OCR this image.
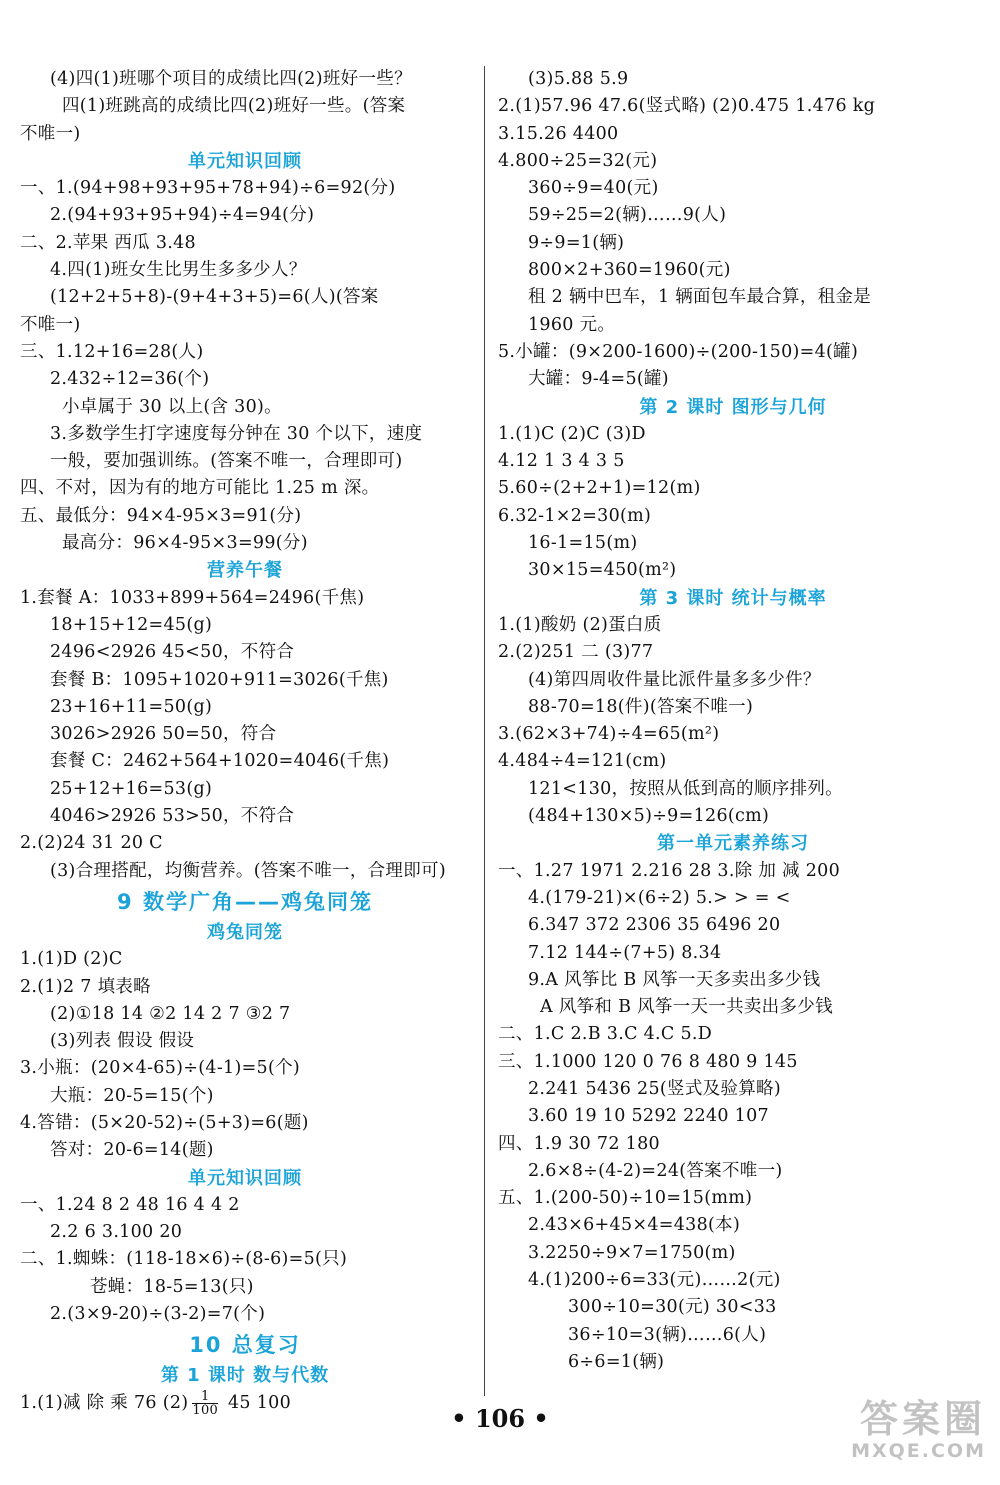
(4)四(1)班哪个项目的成绩比四(2)班好一些？
四(1)班跳高的成绩比四(2)班好一些。(答案
不唯一)
单元知识回顾
一、1.(94+98+93+95+78+94)÷6=92(分)
2.(94+93+95+94)÷4=94(分)
二、2.苹果 西瓜 3.48
4.四(1)班女生比男生多多少人？
(12+2+5+8)-(9+4+3+5)=6(人)(答案
不唯一)
三、1.12+16=28(人)
2.432÷12=36(个)
小卓属于 30 以上(含 30)。
3.多数学生打字速度每分钟在 30 个以下，速度
一般，要加强训练。(答案不唯一，合理即可)
四、不对，因为有的地方可能比 1.25 m 深。
五、最低分：94×4-95×3=91(分)
最高分：96×4-95×3=99(分)
营养午餐
1.套餐 A：1033+899+564=2496(千焦)
18+15+12=45(g)
2496<2926 45<50，不符合
套餐 B：1095+1020+911=3026(千焦)
23+16+11=50(g)
3026>2926 50=50，符合
套餐 C：2462+564+1020=4046(千焦)
25+12+16=53(g)
4046>2926 53>50，不符合
2.(2)24 31 20 C
(3)合理搭配，均衡营养。(答案不唯一，合理即可)
9 数学广角——鸡兔同笼
鸡兔同笼
1.(1)D (2)C
2.(1)2 7 填表略
(2)①18 14 ②2 14 2 7 ③2 7
(3)列表 假设 假设
3.小瓶：(20×4-65)÷(4-1)=5(个)
大瓶：20-5=15(个)
4.答错：(5×20-52)÷(5+3)=6(题)
答对：20-6=14(题)
单元知识回顾
一、1.24 8 2 48 16 4 4 2
2.2 6 3.100 20
二、1.蜘蛛：(118-18×6)÷(8-6)=5(只)
苍蝇：18-5=13(只)
2.(3×9-20)÷(3-2)=7(个)
10 总复习
第 1 课时 数与代数
1.(1)减 除 乘 76 $(2) \frac{1}{100} 45$ 100
(3)5.88 5.9
2.(1)57.96 47.6(竖式略) (2)0.475 1.476 kg
3.15.26 4400
4.800÷25=32(元)
360÷9=40(元)
59÷25=2(辆)……9(人)
9÷9=1(辆)
800×2+360=1960(元)
租 2 辆中巴车，1 辆面包车最合算，租金是
1960 元。
5.小罐：(9×200-1600)÷(200-150)=4(罐)
大罐：9-4=5(罐)
第 2 课时 图形与几何
1.(1)C (2)C (3)D
4.12 1 3 4 3 5
5.60÷(2+2+1)=12(m)
6.32-1×2=30(m)
16-1=15(m)
30×15=450(m²)
第 3 课时 统计与概率
1.(1)酸奶 (2)蛋白质
2.(2)251 二 (3)77
(4)第四周收件量比派件量多多少件？
88-70=18(件)(答案不唯一)
3.(62×3+74)÷4=65(m²)
4.484÷4=121(cm)
121<130，按照从低到高的顺序排列。
(484+130×5)÷9=126(cm)
第一单元素养练习
一、1.27 1971 2.216 28 3.除 加 减 200
4.(179-21)×(6÷2) 5.> > = <
6.347 372 2306 35 6496 20
7.12 144÷(7+5) 8.34
9.A 风筝比 B 风筝一天多卖出多少钱
A 风筝和 B 风筝一天一共卖出多少钱
二、1.C 2.B 3.C 4.C 5.D
三、1.1000 120 0 76 8 480 9 145
2.241 5436 25(竖式及验算略)
3.60 19 10 5292 2240 107
四、1.9 30 72 180
2.6×8÷(4-2)=24(答案不唯一)
五、1.(200-50)÷10=15(mm)
2.43×6+45×4=438(本)
3.2250÷9×7=1750(m)
4.(1)200÷6=33(元)……2(元)
300÷10=30(元) 30<33
36÷10=3(辆)……6(人)
6÷6=1(辆)
• 106 •	答案圈
MXQE.COM
